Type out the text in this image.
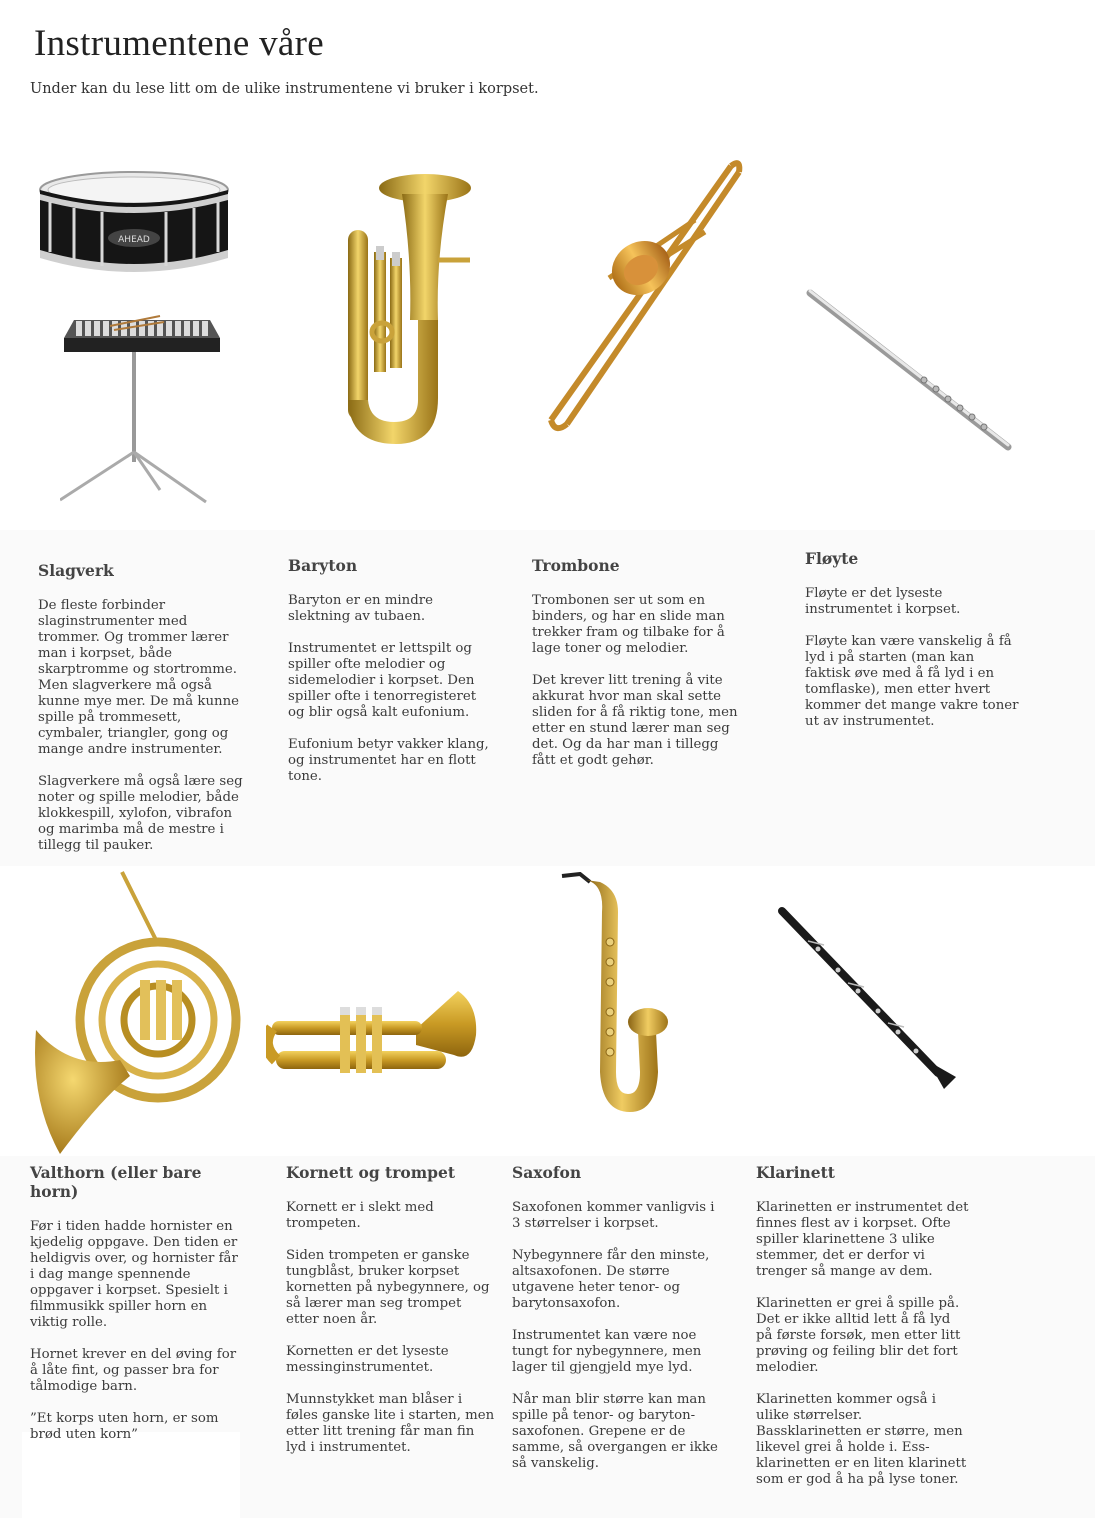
Instrumentene våre
Under kan du lese litt om de ulike instrumentene vi bruker i korpset.
AHEAD
Slagverk

De fleste forbinder slaginstrumenter med trommer. Og trommer lærer man i korpset, både skarptromme og stortromme. Men slagverkere må også kunne mye mer. De må kunne spille på trommesett, cymbaler, triangler, gong og mange andre instrumenter.

Slagverkere må også lære seg noter og spille melodier, både klokkespill, xylofon, vibrafon og marimba må de mestre i tillegg til pauker.

Baryton

Baryton er en mindre slektning av tubaen.

Instrumentet er lettspilt og spiller ofte melodier og sidemelodier i korpset. Den spiller ofte i tenorregisteret og blir også kalt eufonium.

Eufonium betyr vakker klang, og instrumentet har en flott tone.

Trombone

Trombonen ser ut som en binders, og har en slide man trekker fram og tilbake for å lage toner og melodier.

Det krever litt trening å vite akkurat hvor man skal sette sliden for å få riktig tone, men etter en stund lærer man seg det. Og da har man i tillegg fått et godt gehør.

Fløyte

Fløyte er det lyseste instrumentet i korpset.

Fløyte kan være vanskelig å få lyd i på starten (man kan faktisk øve med å få lyd i en tomflaske), men etter hvert kommer det mange vakre toner ut av instrumentet.

Valthorn (eller bare horn)

Før i tiden hadde hornister en kjedelig oppgave. Den tiden er heldigvis over, og hornister får i dag mange spennende oppgaver i korpset. Spesielt i filmmusikk spiller horn en viktig rolle.

Hornet krever en del øving for å låte fint, og passer bra for tålmodige barn.

”Et korps uten horn, er som brød uten korn”

Kornett og trompet

Kornett er i slekt med trompeten.

Siden trompeten er ganske tungblåst, bruker korpset kornetten på nybegynnere, og så lærer man seg trompet etter noen år.

Kornetten er det lyseste messinginstrumentet.

Munnstykket man blåser i føles ganske lite i starten, men etter litt trening får man fin lyd i instrumentet.

Saxofon

Saxofonen kommer vanligvis i 3 størrelser i korpset.

Nybegynnere får den minste, altsaxofonen. De større utgavene heter tenor- og barytonsaxofon.

Instrumentet kan være noe tungt for nybegynnere, men lager til gjengjeld mye lyd.

Når man blir større kan man spille på tenor- og baryton-saxofonen. Grepene er de samme, så overgangen er ikke så vanskelig.

Klarinett

Klarinetten er instrumentet det finnes flest av i korpset. Ofte spiller klarinettene 3 ulike stemmer, det er derfor vi trenger så mange av dem.

Klarinetten er grei å spille på. Det er ikke alltid lett å få lyd på første forsøk, men etter litt prøving og feiling blir det fort melodier.

Klarinetten kommer også i ulike størrelser. Bassklarinetten er større, men likevel grei å holde i. Ess-klarinetten er en liten klarinett som er god å ha på lyse toner.
